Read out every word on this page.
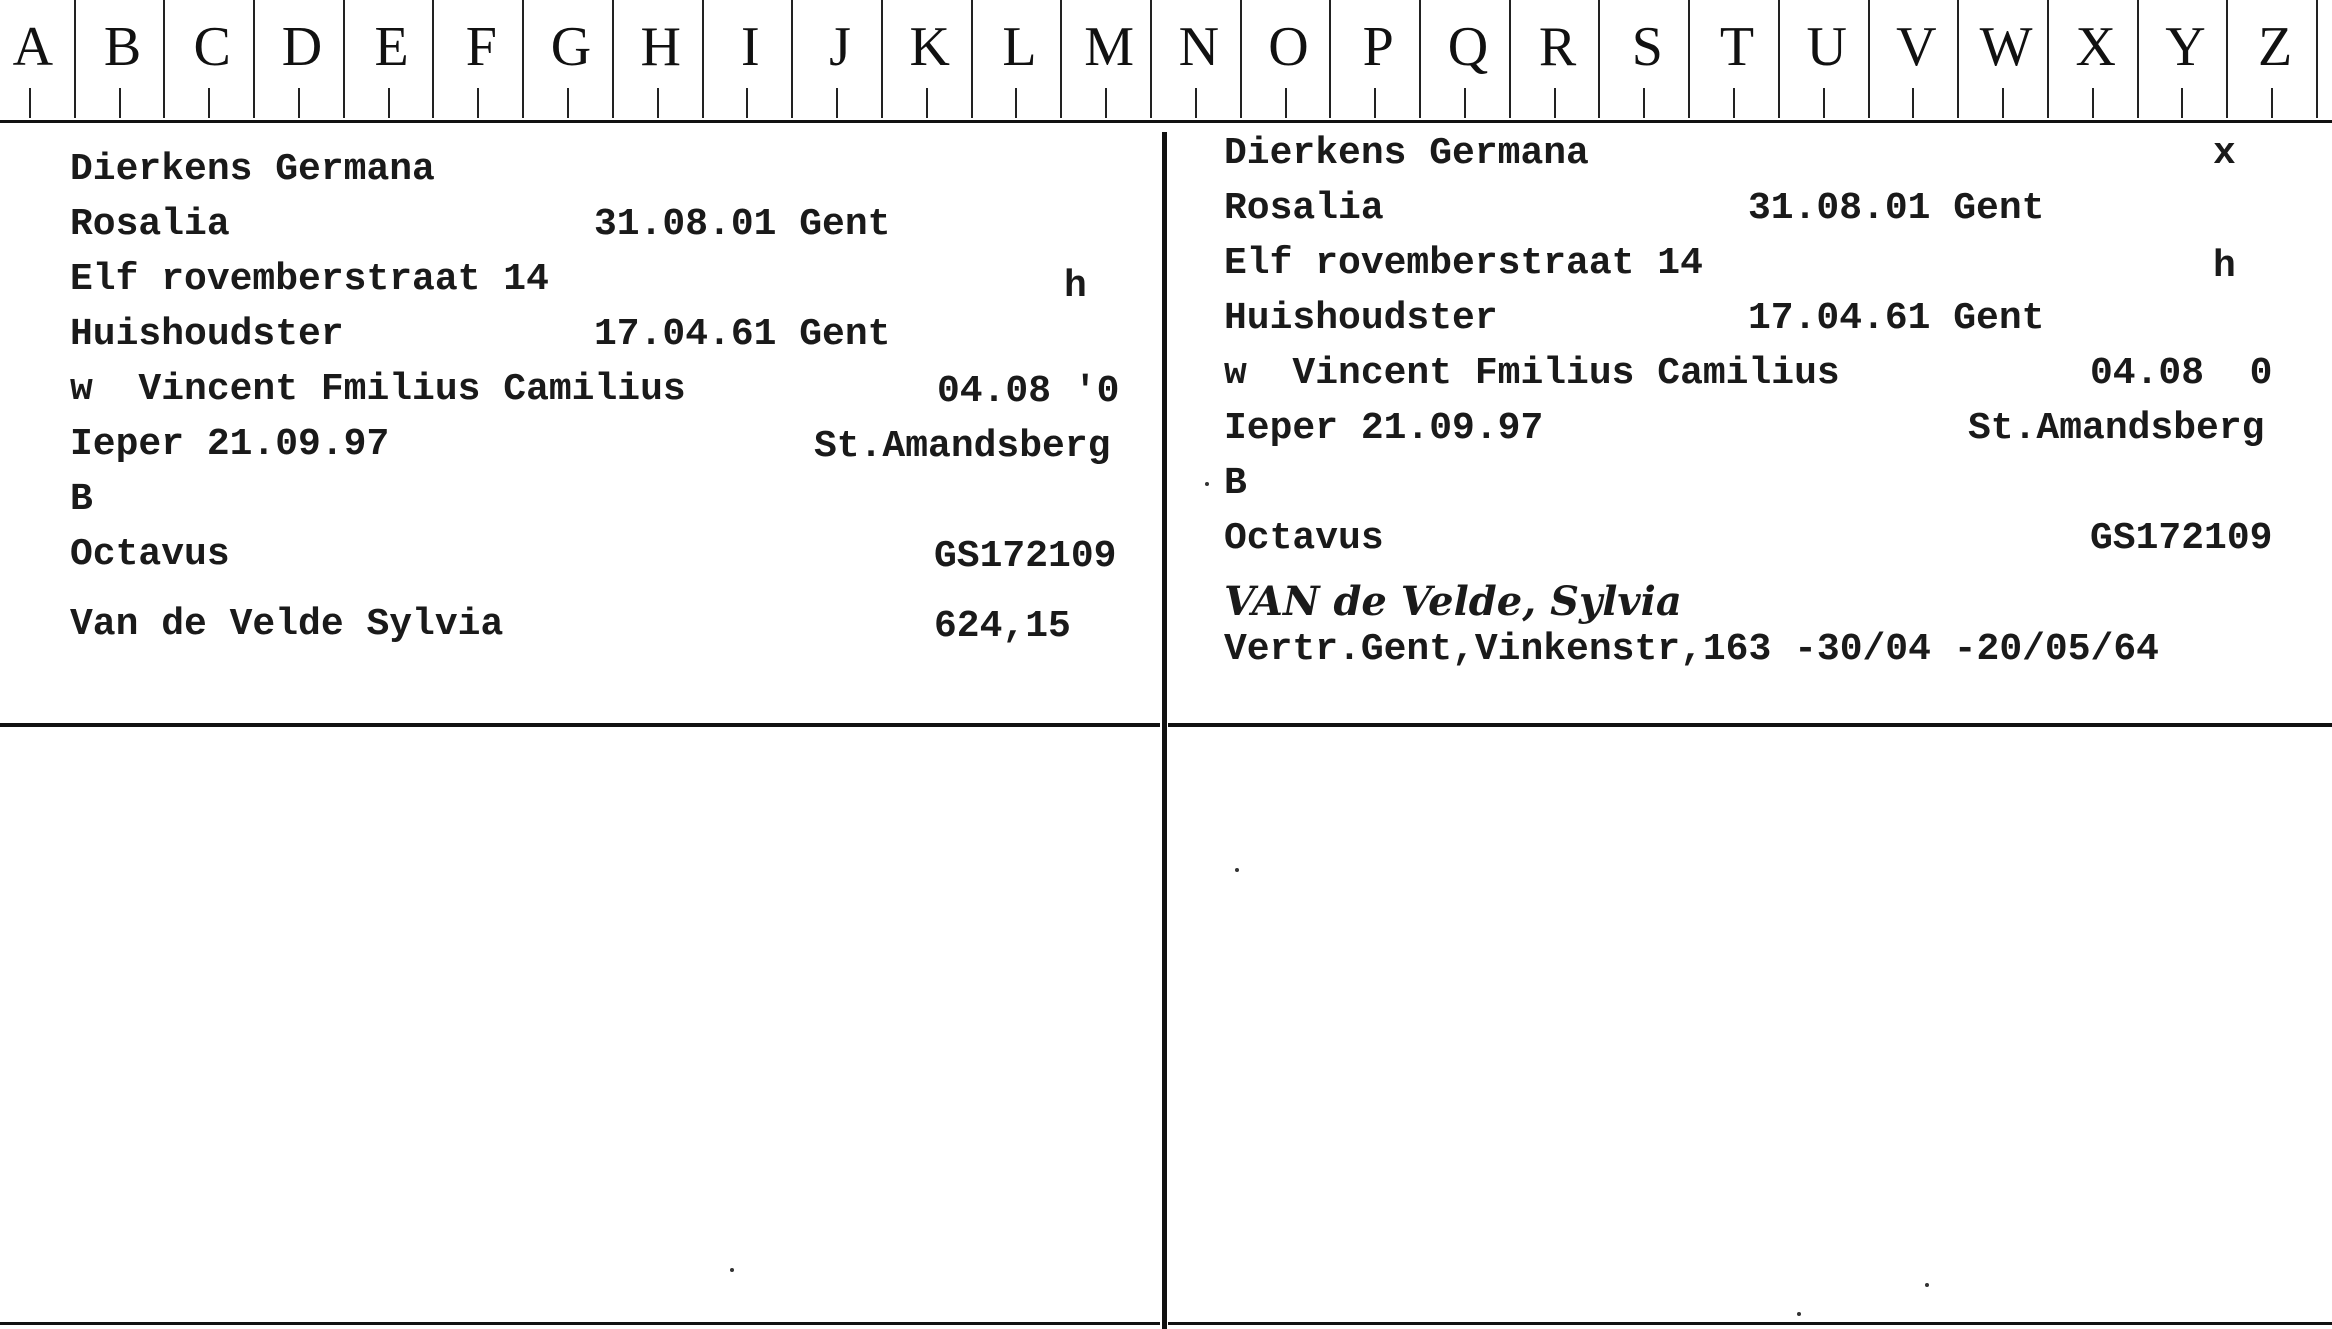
A B C D E	F G H	I	J	K L M N O P Q R S	T U V W X Y Z
Dierkens Germana
Rosalia	31.08.01 Gent
Elf rovemberstraat 14	h
Huishoudster	17.04.61 Gent
w  Vincent Fmilius Camilius	04.08 '0
Ieper 21.09.97	St.Amandsberg
B
Octavus	GS172109
Van de Velde Sylvia	624,15
Dierkens Germana	x
Rosalia	31.08.01 Gent
Elf rovemberstraat 14	h
Huishoudster	17.04.61 Gent
w  Vincent Fmilius Camilius	04.08  0
Ieper 21.09.97	St.Amandsberg
B
Octavus	GS172109
VAN de Velde, Sylvia
Vertr.Gent,Vinkenstr,163 -30/04 -20/05/64
